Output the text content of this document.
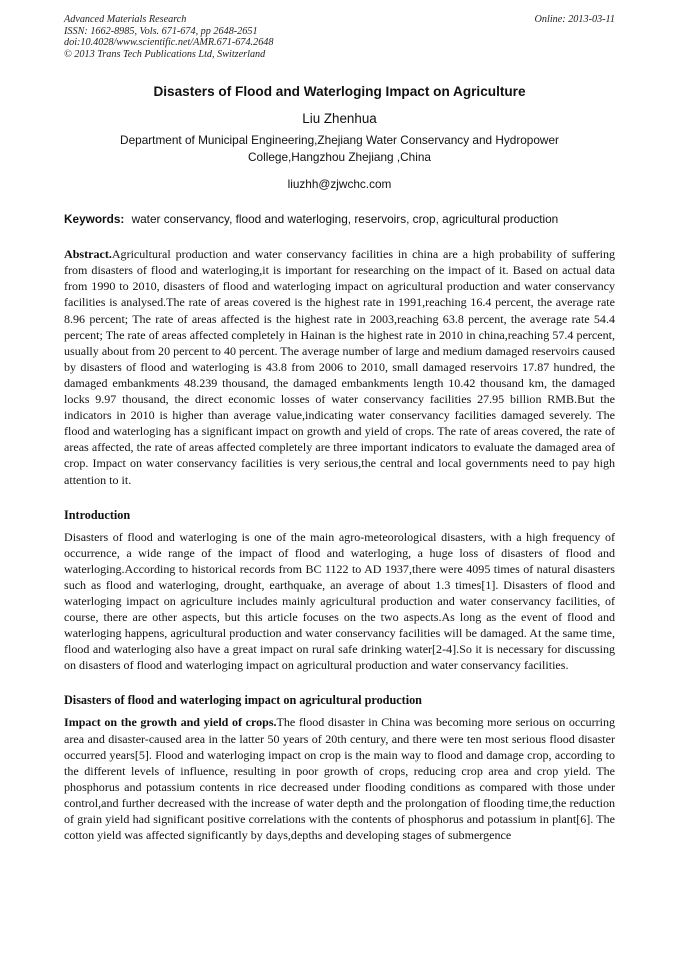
Advanced Materials Research
ISSN: 1662-8985, Vols. 671-674, pp 2648-2651
doi:10.4028/www.scientific.net/AMR.671-674.2648
© 2013 Trans Tech Publications Ltd, Switzerland
Online: 2013-03-11
Disasters of Flood and Waterloging Impact on Agriculture
Liu Zhenhua
Department of Municipal Engineering,Zhejiang Water Conservancy and Hydropower
College,Hangzhou Zhejiang ,China
liuzhh@zjwchc.com
Keywords: water conservancy, flood and waterloging, reservoirs, crop, agricultural production

Abstract.Agricultural production and water conservancy facilities in china are a high probability of suffering from disasters of flood and waterloging,it is important for researching on the impact of it. Based on actual data from 1990 to 2010, disasters of flood and waterloging impact on agricultural production and water conservancy facilities is analysed.The rate of areas covered is the highest rate in 1991,reaching 16.4 percent, the average rate 8.96 percent; The rate of areas affected is the highest rate in 2003,reaching 63.8 percent, the average rate 54.4 percent; The rate of areas affected completely in Hainan is the highest rate in 2010 in china,reaching 57.4 percent, usually about from 20 percent to 40 percent. The average number of large and medium damaged reservoirs caused by disasters of flood and waterloging is 43.8 from 2006 to 2010, small damaged reservoirs 17.87 hundred, the damaged embankments 48.239 thousand, the damaged embankments length 10.42 thousand km, the damaged locks 9.97 thousand, the direct economic losses of water conservancy facilities 27.95 billion RMB.But the indicators in 2010 is higher than average value,indicating water conservancy facilities damaged severely. The flood and waterloging has a significant impact on growth and yield of crops. The rate of areas covered, the rate of areas affected, the rate of areas affected completely are three important indicators to evaluate the damaged area of crop. Impact on water conservancy facilities is very serious,the central and local governments need to pay high attention to it.

Introduction

Disasters of flood and waterloging is one of the main agro-meteorological disasters, with a high frequency of occurrence, a wide range of the impact of flood and waterloging, a huge loss of disasters of flood and waterloging.According to historical records from BC 1122 to AD 1937,there were 4095 times of natural disasters such as flood and waterloging, drought, earthquake, an average of about 1.3 times[1]. Disasters of flood and waterloging impact on agriculture includes mainly agricultural production and water conservancy facilities, of course, there are other aspects, but this article focuses on the two aspects.As long as the event of flood and waterloging happens, agricultural production and water conservancy facilities will be damaged. At the same time, flood and waterloging also have a great impact on rural safe drinking water[2-4].So it is necessary for discussing on disasters of flood and waterloging impact on agricultural production and water conservancy facilities.

Disasters of flood and waterloging impact on agricultural production

Impact on the growth and yield of crops.The flood disaster in China was becoming more serious on occurring area and disaster-caused area in the latter 50 years of 20th century, and there were ten most serious flood disaster occurred years[5]. Flood and waterloging impact on crop is the main way to flood and damage crop, according to the different levels of influence, resulting in poor growth of crops, reducing crop area and crop yield. The phosphorus and potassium contents in rice decreased under flooding conditions as compared with those under control,and further decreased with the increase of water depth and the prolongation of flooding time,the reduction of grain yield had significant positive correlations with the contents of phosphorus and potassium in plant[6]. The cotton yield was affected significantly by days,depths and developing stages of submergence
